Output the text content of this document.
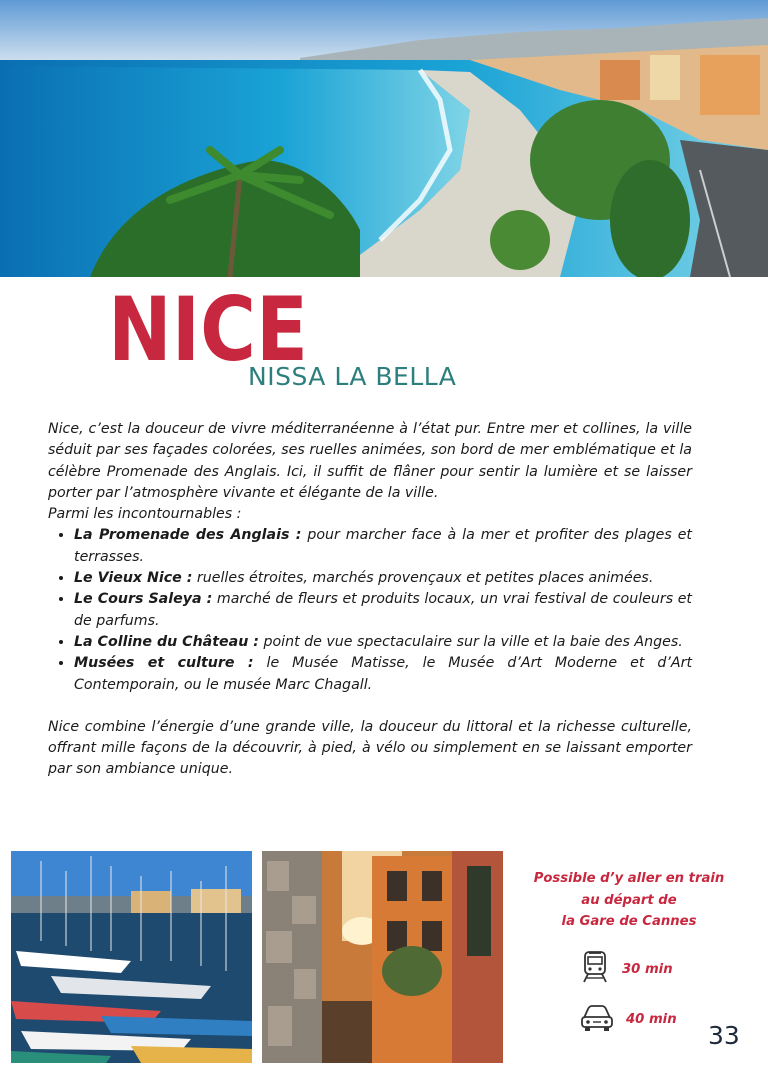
NICE
NISSA LA BELLA

Nice, c’est la douceur de vivre méditerranéenne à l’état pur. Entre mer et collines, la ville séduit par ses façades colorées, ses ruelles animées, son bord de mer emblématique et la célèbre Promenade des Anglais. Ici, il suffit de flâner pour sentir la lumière et se laisser porter par l’atmosphère vivante et élégante de la ville.

Parmi les incontournables :

• La Promenade des Anglais : pour marcher face à la mer et profiter des plages et terrasses.
• Le Vieux Nice : ruelles étroites, marchés provençaux et petites places animées.
• Le Cours Saleya : marché de fleurs et produits locaux, un vrai festival de couleurs et de parfums.
• La Colline du Château : point de vue spectaculaire sur la ville et la baie des Anges.
• Musées et culture : le Musée Matisse, le Musée d’Art Moderne et d’Art Contemporain, ou le musée Marc Chagall.

Nice combine l’énergie d’une grande ville, la douceur du littoral et la richesse culturelle, offrant mille façons de la découvrir, à pied, à vélo ou simplement en se laissant emporter par son ambiance unique.

Possible d’y aller en train
au départ de
la Gare de Cannes
30 min
40 min
33
